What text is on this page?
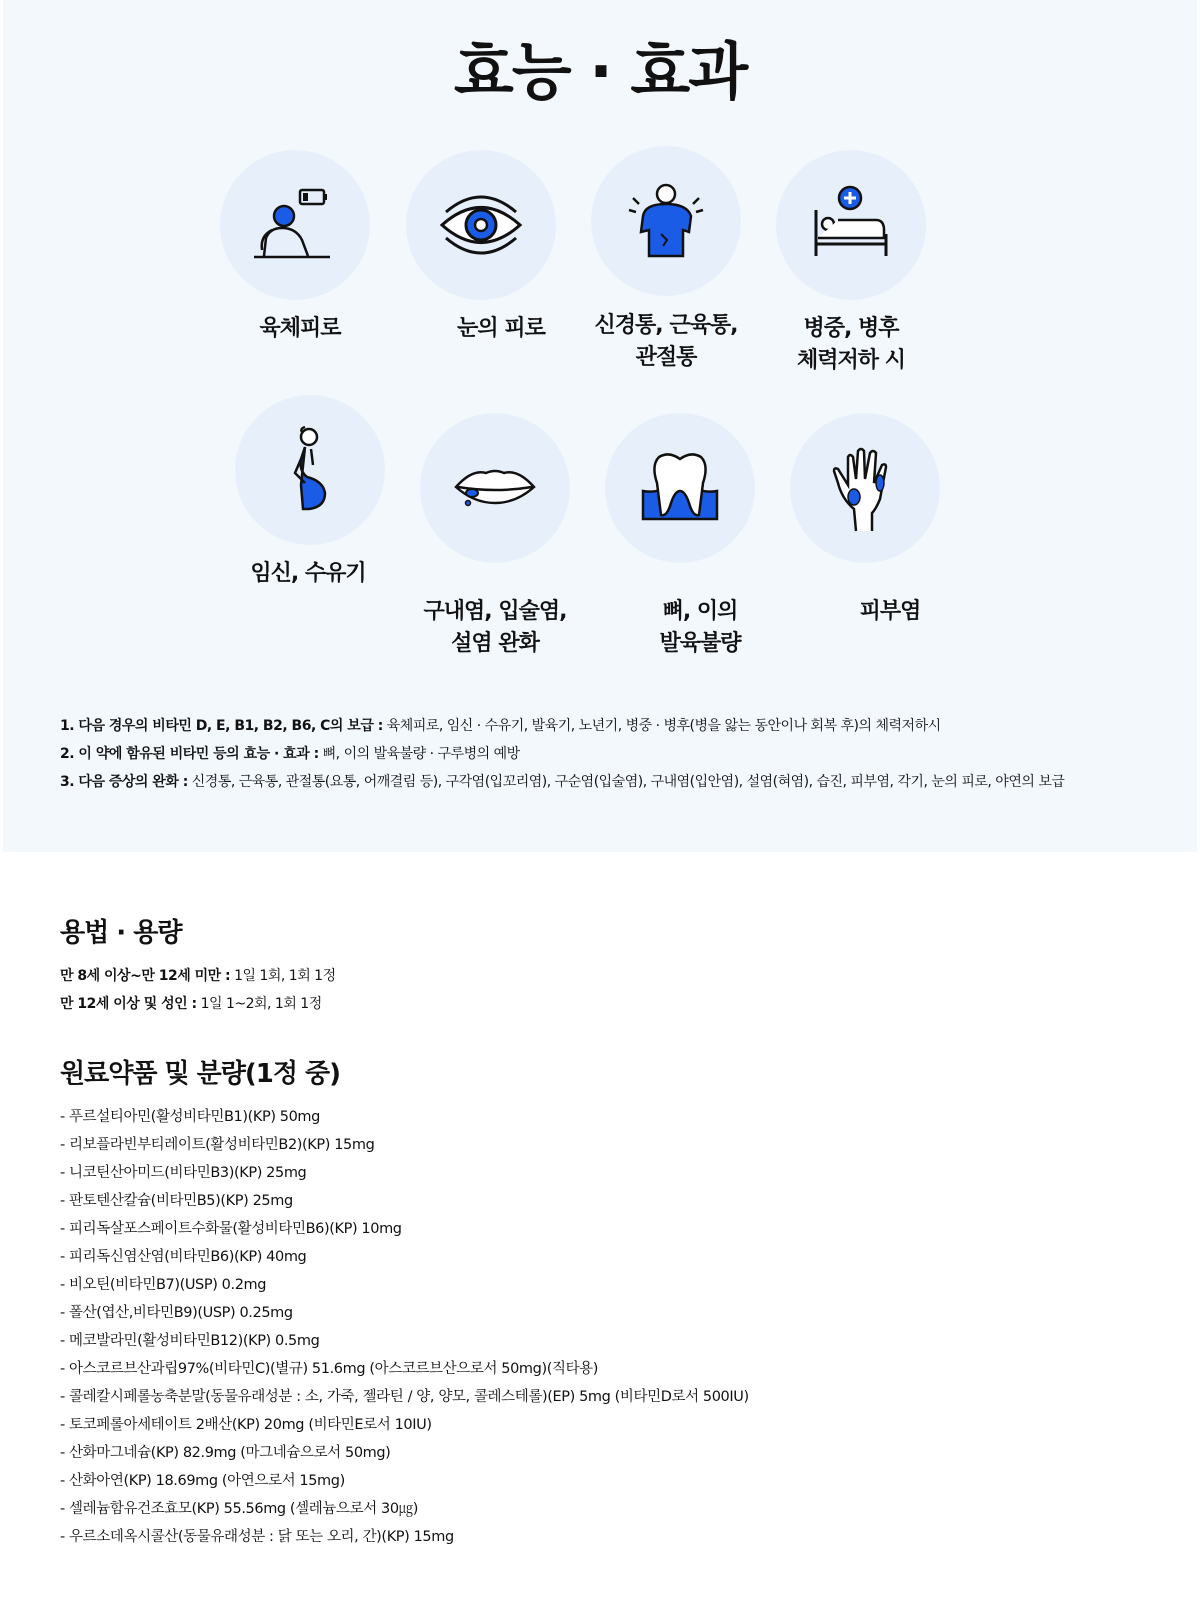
효능 · 효과
육체피로	눈의 피로	신경통, 근육통,
관절통
병중, 병후
체력저하 시
임신, 수유기
구내염, 입술염,
설염 완화
뼈, 이의
발육불량
피부염

1. 다음 경우의 비타민 D, E, B1, B2, B6, C의 보급 : 육체피로, 임신 · 수유기, 발육기, 노년기, 병중 · 병후(병을 앓는 동안이나 회복 후)의 체력저하시

2. 이 약에 함유된 비타민 등의 효능 · 효과 : 뼈, 이의 발육불량 · 구루병의 예방

3. 다음 증상의 완화 : 신경통, 근육통, 관절통(요통, 어깨결림 등), 구각염(입꼬리염), 구순염(입술염), 구내염(입안염), 설염(혀염), 습진, 피부염, 각기, 눈의 피로, 야연의 보급

용법 · 용량

만 8세 이상~만 12세 미만 : 1일 1회, 1회 1정

만 12세 이상 및 성인 : 1일 1~2회, 1회 1정

원료약품 및 분량(1정 중)
- 푸르설티아민(활성비타민B1)(KP) 50mg
- 리보플라빈부티레이트(활성비타민B2)(KP) 15mg
- 니코틴산아미드(비타민B3)(KP) 25mg
- 판토텐산칼슘(비타민B5)(KP) 25mg
- 피리독살포스페이트수화물(활성비타민B6)(KP) 10mg
- 피리독신염산염(비타민B6)(KP) 40mg
- 비오틴(비타민B7)(USP) 0.2mg
- 폴산(엽산,비타민B9)(USP) 0.25mg
- 메코발라민(활성비타민B12)(KP) 0.5mg
- 아스코르브산과립97%(비타민C)(별규) 51.6mg (아스코르브산으로서 50mg)(직타용)
- 콜레칼시페롤농축분말(동물유래성분 : 소, 가죽, 젤라틴 / 양, 양모, 콜레스테롤)(EP) 5mg (비타민D로서 500IU)
- 토코페롤아세테이트 2배산(KP) 20mg (비타민E로서 10IU)
- 산화마그네슘(KP) 82.9mg (마그네슘으로서 50mg)
- 산화아연(KP) 18.69mg (아연으로서 15mg)
- 셀레늄함유건조효모(KP) 55.56mg (셀레늄으로서 30㎍)
- 우르소데옥시콜산(동물유래성분 : 닭 또는 오리, 간)(KP) 15mg
